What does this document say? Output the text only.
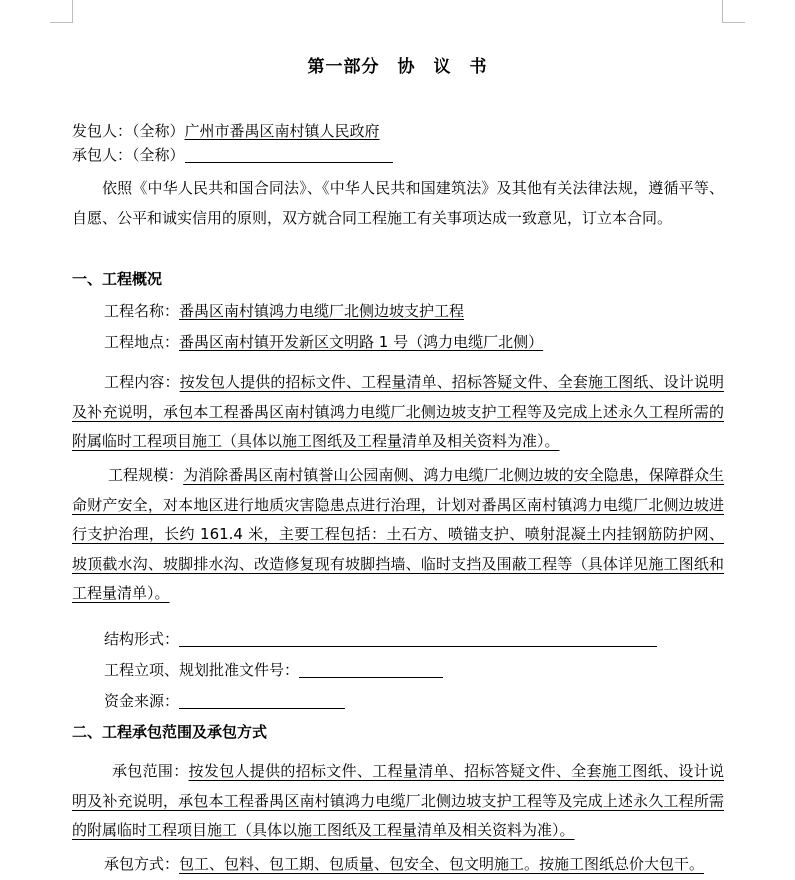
第一部分　协　议　书
发包人：（全称）广州市番禺区南村镇人民政府
承包人：（全称）
依照《中华人民共和国合同法》、《中华人民共和国建筑法》及其他有关法律法规，遵循平等、自愿、公平和诚实信用的原则，双方就合同工程施工有关事项达成一致意见，订立本合同。
一、工程概况
工程名称：番禺区南村镇鸿力电缆厂北侧边坡支护工程
工程地点：番禺区南村镇开发新区文明路 1 号（鸿力电缆厂北侧）
工程内容：按发包人提供的招标文件、工程量清单、招标答疑文件、全套施工图纸、设计说明及补充说明，承包本工程番禺区南村镇鸿力电缆厂北侧边坡支护工程等及完成上述永久工程所需的附属临时工程项目施工（具体以施工图纸及工程量清单及相关资料为准）。
工程规模：为消除番禺区南村镇誉山公园南侧、鸿力电缆厂北侧边坡的安全隐患，保障群众生命财产安全，对本地区进行地质灾害隐患点进行治理，计划对番禺区南村镇鸿力电缆厂北侧边坡进行支护治理，长约 161.4 米，主要工程包括：土石方、喷锚支护、喷射混凝土内挂钢筋防护网、坡顶截水沟、坡脚排水沟、改造修复现有坡脚挡墙、临时支挡及围蔽工程等（具体详见施工图纸和工程量清单）。
结构形式：
工程立项、规划批准文件号：
资金来源：
二、工程承包范围及承包方式
承包范围：按发包人提供的招标文件、工程量清单、招标答疑文件、全套施工图纸、设计说明及补充说明，承包本工程番禺区南村镇鸿力电缆厂北侧边坡支护工程等及完成上述永久工程所需的附属临时工程项目施工（具体以施工图纸及工程量清单及相关资料为准）。
承包方式：包工、包料、包工期、包质量、包安全、包文明施工。按施工图纸总价大包干。
